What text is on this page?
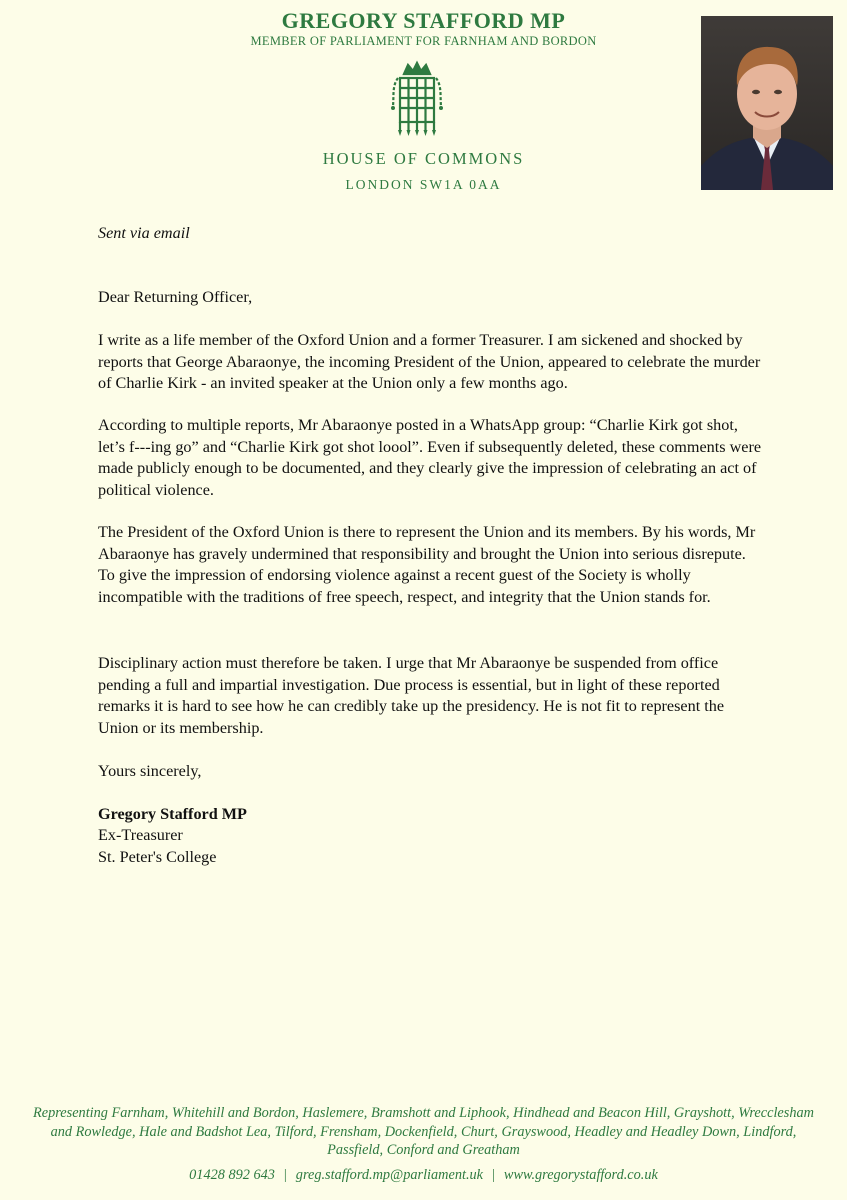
GREGORY STAFFORD MP
MEMBER OF PARLIAMENT FOR FARNHAM AND BORDON
HOUSE OF COMMONS
LONDON SW1A 0AA
Sent via email
Dear Returning Officer,
I write as a life member of the Oxford Union and a former Treasurer. I am sickened and shocked by reports that George Abaraonye, the incoming President of the Union, appeared to celebrate the murder of Charlie Kirk - an invited speaker at the Union only a few months ago.
According to multiple reports, Mr Abaraonye posted in a WhatsApp group: “Charlie Kirk got shot, let’s f---ing go” and “Charlie Kirk got shot loool”. Even if subsequently deleted, these comments were made publicly enough to be documented, and they clearly give the impression of celebrating an act of political violence.
The President of the Oxford Union is there to represent the Union and its members. By his words, Mr Abaraonye has gravely undermined that responsibility and brought the Union into serious disrepute. To give the impression of endorsing violence against a recent guest of the Society is wholly incompatible with the traditions of free speech, respect, and integrity that the Union stands for.
Disciplinary action must therefore be taken. I urge that Mr Abaraonye be suspended from office pending a full and impartial investigation. Due process is essential, but in light of these reported remarks it is hard to see how he can credibly take up the presidency. He is not fit to represent the Union or its membership.
Yours sincerely,
Gregory Stafford MP
Ex-Treasurer
St. Peter's College
Representing Farnham, Whitehill and Bordon, Haslemere, Bramshott and Liphook, Hindhead and Beacon Hill, Grayshott, Wrecclesham and Rowledge, Hale and Badshot Lea, Tilford, Frensham, Dockenfield, Churt, Grayswood, Headley and Headley Down, Lindford, Passfield, Conford and Greatham
01428 892 643 | greg.stafford.mp@parliament.uk | www.gregorystafford.co.uk
